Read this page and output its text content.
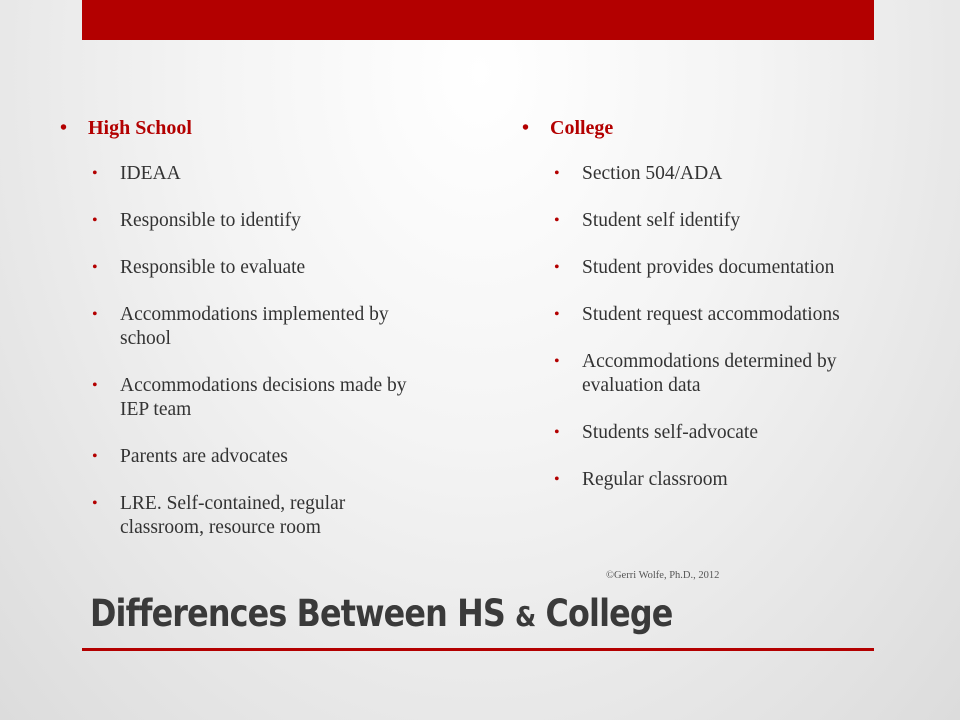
• High School
• IDEAA
• Responsible to identify
• Responsible to evaluate
• Accommodations implemented by school
• Accommodations decisions made by IEP team
• Parents are advocates
• LRE. Self-contained, regular classroom, resource room
• College
• Section 504/ADA
• Student self identify
• Student provides documentation
• Student request accommodations
• Accommodations determined by evaluation data
• Students self-advocate
• Regular classroom
©Gerri Wolfe, Ph.D., 2012
Differences Between HS & College
